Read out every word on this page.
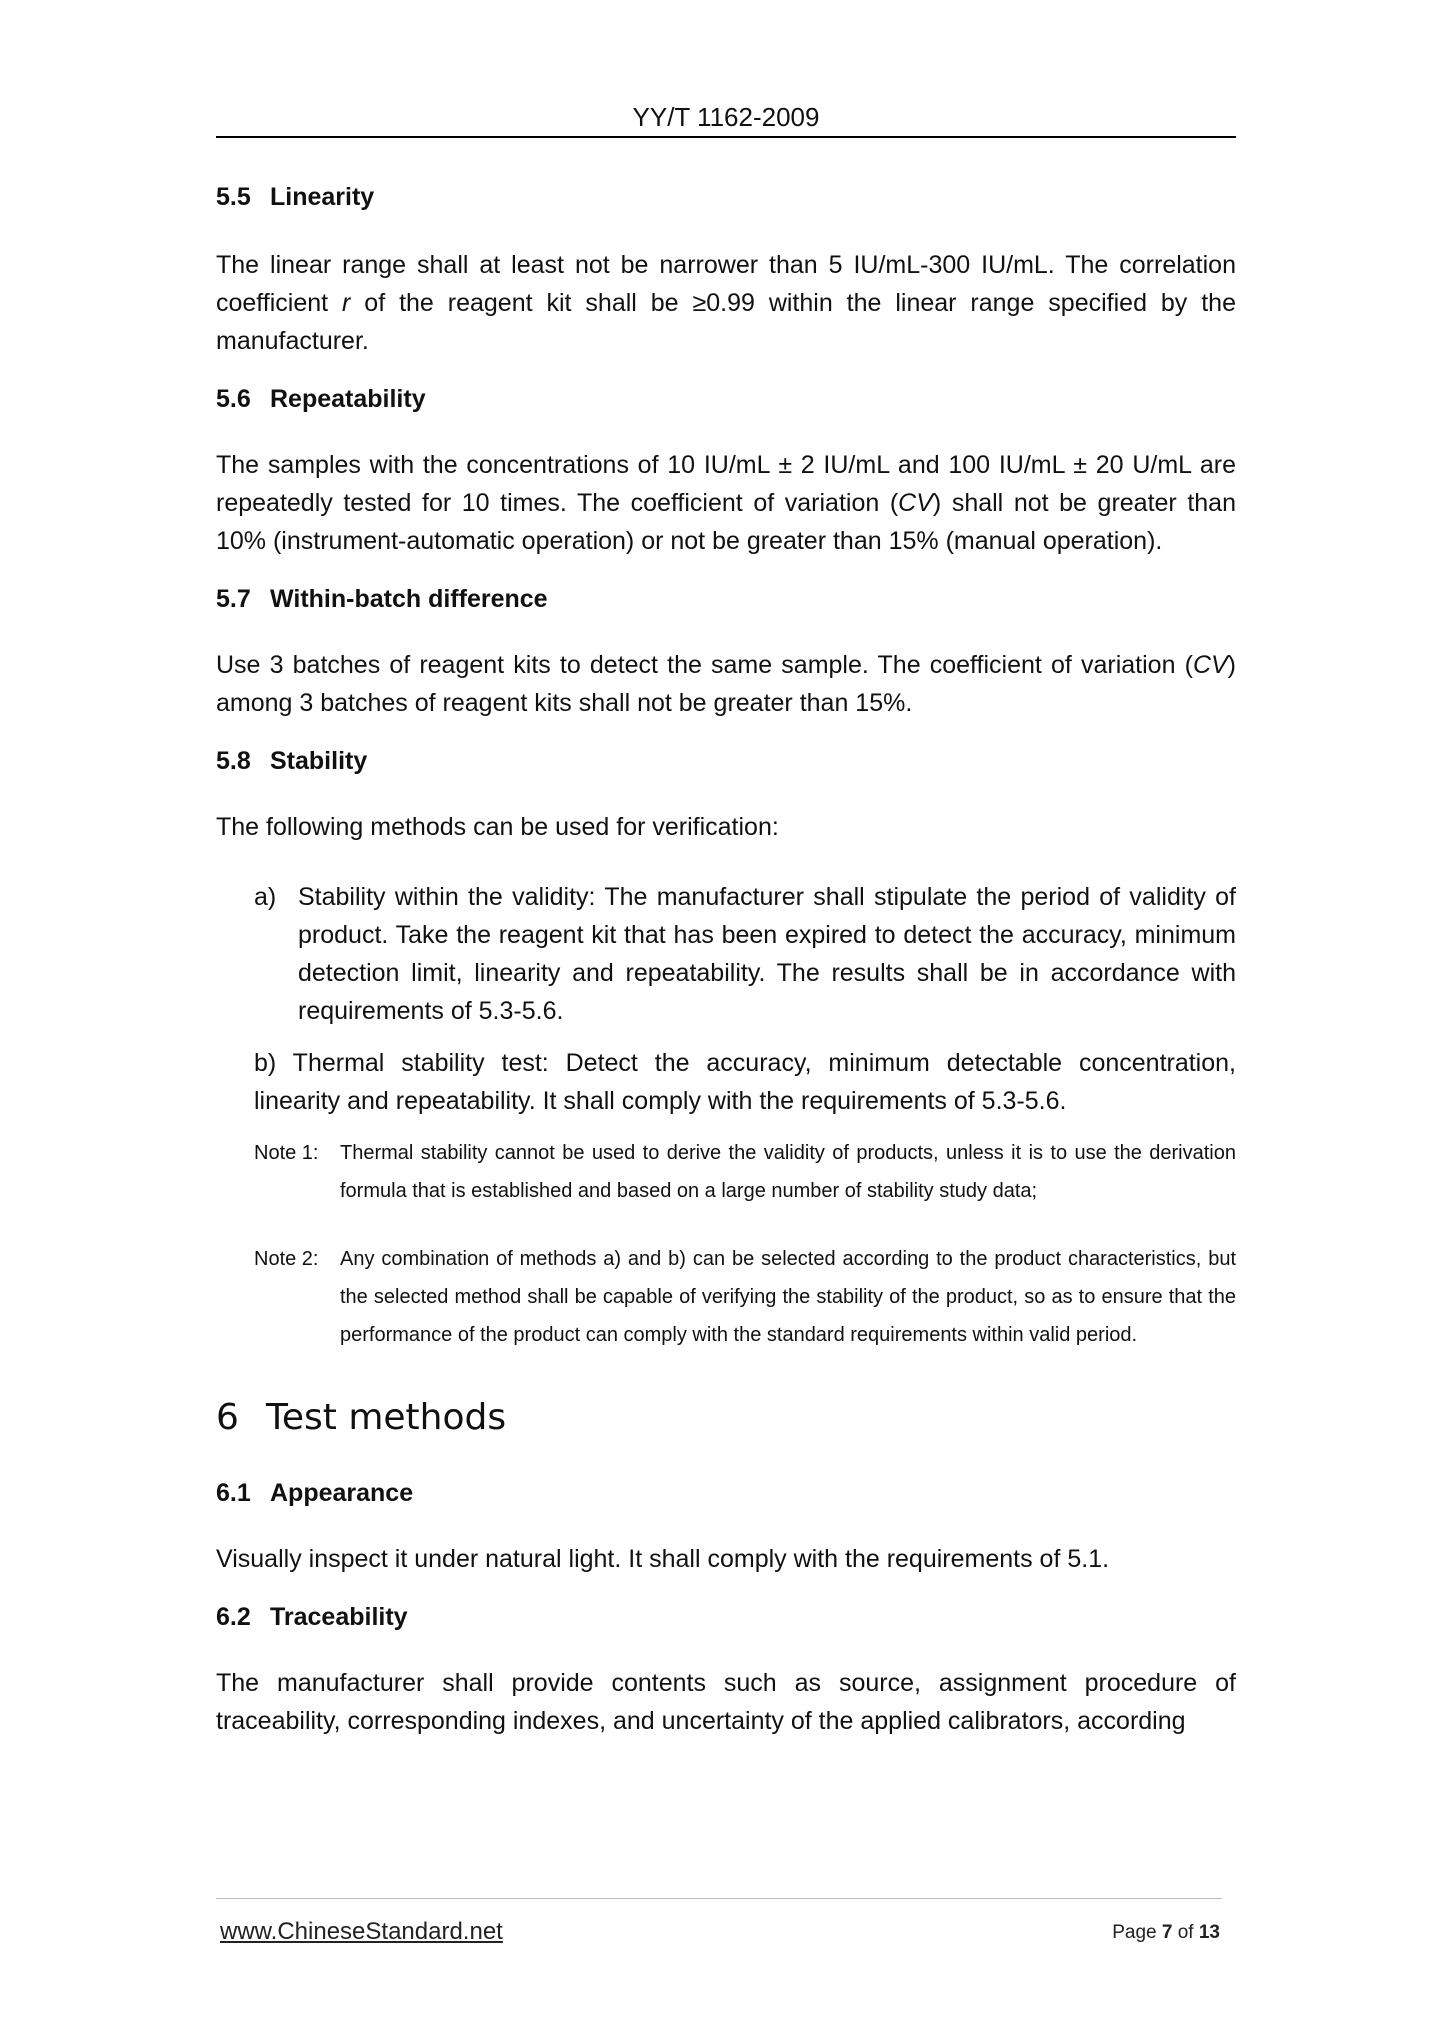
YY/T 1162-2009
5.5 Linearity

The linear range shall at least not be narrower than 5 IU/mL-300 IU/mL. The correlation coefficient r of the reagent kit shall be ≥0.99 within the linear range specified by the manufacturer.

5.6 Repeatability

The samples with the concentrations of 10 IU/mL ± 2 IU/mL and 100 IU/mL ± 20 U/mL are repeatedly tested for 10 times. The coefficient of variation (CV) shall not be greater than 10% (instrument-automatic operation) or not be greater than 15% (manual operation).

5.7 Within-batch difference

Use 3 batches of reagent kits to detect the same sample. The coefficient of variation (CV) among 3 batches of reagent kits shall not be greater than 15%.

5.8 Stability

The following methods can be used for verification:

a) Stability within the validity: The manufacturer shall stipulate the period of validity of product. Take the reagent kit that has been expired to detect the accuracy, minimum detection limit, linearity and repeatability. The results shall be in accordance with requirements of 5.3-5.6.
b) Thermal stability test: Detect the accuracy, minimum detectable concentration, linearity and repeatability. It shall comply with the requirements of 5.3-5.6.
Note 1: Thermal stability cannot be used to derive the validity of products, unless it is to use the derivation formula that is established and based on a large number of stability study data;
Note 2: Any combination of methods a) and b) can be selected according to the product characteristics, but the selected method shall be capable of verifying the stability of the product, so as to ensure that the performance of the product can comply with the standard requirements within valid period.
6 Test methods
6.1 Appearance

Visually inspect it under natural light. It shall comply with the requirements of 5.1.

6.2 Traceability

The manufacturer shall provide contents such as source, assignment procedure of traceability, corresponding indexes, and uncertainty of the applied calibrators, according

www.ChineseStandard.net	Page 7 of 13
